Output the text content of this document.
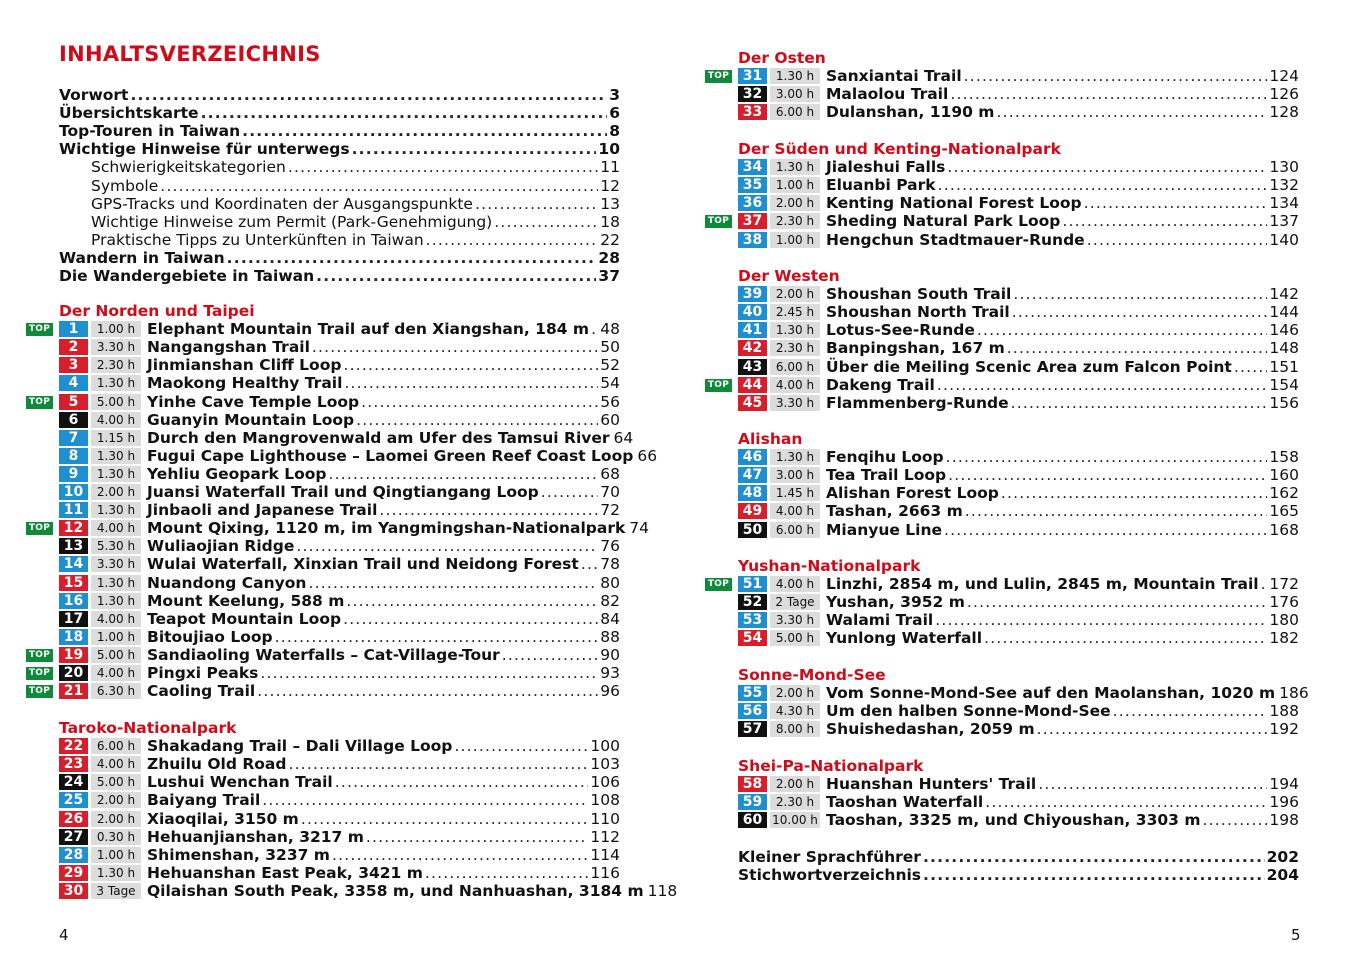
INHALTSVERZEICHNIS
Vorwort .....	3
Übersichtskarte .....	6
Top-Touren in Taiwan .....	8
Wichtige Hinweise für unterwegs .....	10
Schwierigkeitskategorien .....	11
Symbole .....	12
GPS-Tracks und Koordinaten der Ausgangspunkte .....	13
Wichtige Hinweise zum Permit (Park-Genehmigung) .....	18
Praktische Tipps zu Unterkünften in Taiwan .....	22
Wandern in Taiwan .....	28
Die Wandergebiete in Taiwan .....	37
Der Norden und Taipei
TOP	1	1.00 h Elephant Mountain Trail auf den Xiangshan, 184 m ..... 48
2	3.30 h Nangangshan Trail .....	50
3	2.30 h Jinmianshan Cliff Loop .....	52
4	1.30 h Maokong Healthy Trail .....	54
TOP	5	5.00 h Yinhe Cave Temple Loop .....	56
6	4.00 h Guanyin Mountain Loop .....	60
7	1.15 h Durch den Mangrovenwald am Ufer des Tamsui River 64
8	1.30 h Fugui Cape Lighthouse – Laomei Green Reef Coast Loop 66
9	1.30 h Yehliu Geopark Loop .....	68
10	2.00 h Juansi Waterfall Trail und Qingtiangang Loop .....	70
11	1.30 h Jinbaoli and Japanese Trail .....	72
TOP 12	4.00 h Mount Qixing, 1120 m, im Yangmingshan-Nationalpark 74
13	5.30 h Wuliaojian Ridge .....	76
14	3.30 h Wulai Waterfall, Xinxian Trail und Neidong Forest ..... 78
15	1.30 h Nuandong Canyon .....	80
16	1.30 h Mount Keelung, 588 m .....	82
17	4.00 h Teapot Mountain Loop .....	84
18	1.00 h Bitoujiao Loop .....	88
TOP 19	5.00 h Sandiaoling Waterfalls – Cat-Village-Tour .....	90
TOP 20	4.00 h Pingxi Peaks .....	93
TOP 21	6.30 h Caoling Trail .....	96
Taroko-Nationalpark
22	6.00 h Shakadang Trail – Dali Village Loop .....	100
23	4.00 h Zhuilu Old Road .....	103
24	5.00 h Lushui Wenchan Trail .....	106
25	2.00 h Baiyang Trail .....	108
26	2.00 h Xiaoqilai, 3150 m .....	110
27	0.30 h Hehuanjianshan, 3217 m .....	112
28	1.00 h Shimenshan, 3237 m .....	114
29	1.30 h Hehuanshan East Peak, 3421 m .....	116
30	3 Tage Qilaishan South Peak, 3358 m, und Nanhuashan, 3184 m 118
4
Der Osten
TOP 31	1.30 h Sanxiantai Trail .....	124
32	3.00 h Malaolou Trail .....	126
33	6.00 h Dulanshan, 1190 m .....	128
Der Süden und Kenting-Nationalpark
34	1.30 h Jialeshui Falls .....	130
35	1.00 h Eluanbi Park .....	132
36	2.00 h Kenting National Forest Loop .....	134
TOP 37	2.30 h Sheding Natural Park Loop .....	137
38	1.00 h Hengchun Stadtmauer-Runde .....	140
Der Westen
39	2.00 h Shoushan South Trail .....	142
40	2.45 h Shoushan North Trail .....	144
41	1.30 h Lotus-See-Runde .....	146
42	2.30 h Banpingshan, 167 m .....	148
43	6.00 h Über die Meiling Scenic Area zum Falcon Point ..... 151
TOP 44	4.00 h Dakeng Trail .....	154
45	3.30 h Flammenberg-Runde .....	156
Alishan
46	1.30 h Fenqihu Loop .....	158
47	3.00 h Tea Trail Loop .....	160
48	1.45 h Alishan Forest Loop .....	162
49	4.00 h Tashan, 2663 m .....	165
50	6.00 h Mianyue Line .....	168
Yushan-Nationalpark
TOP 51	4.00 h Linzhi, 2854 m, und Lulin, 2845 m, Mountain Trail ..... 172
52	2 Tage Yushan, 3952 m .....	176
53	3.30 h Walami Trail .....	180
54	5.00 h Yunlong Waterfall .....	182
Sonne-Mond-See
55	2.00 h Vom Sonne-Mond-See auf den Maolanshan, 1020 m 186
56	4.30 h Um den halben Sonne-Mond-See .....	188
57	8.00 h Shuishedashan, 2059 m .....	192
Shei-Pa-Nationalpark
58	2.00 h Huanshan Hunters' Trail .....	194
59	2.30 h Taoshan Waterfall .....	196
60 10.00 h Taoshan, 3325 m, und Chiyoushan, 3303 m .....	198
Kleiner Sprachführer .....	202
Stichwortverzeichnis .....	204
5
